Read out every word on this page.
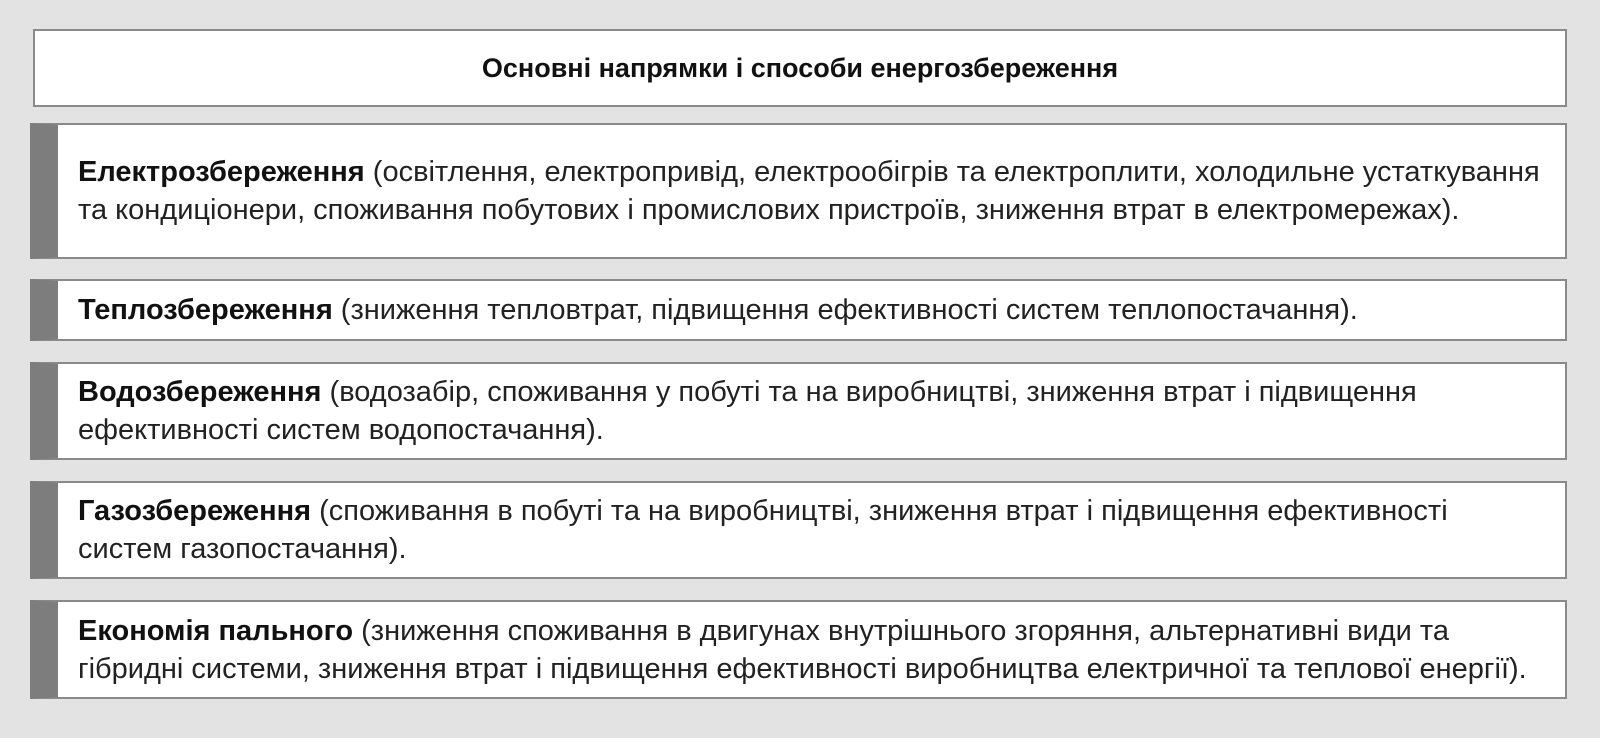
Основні напрямки і способи енергозбереження
Електрозбереження (освітлення, електропривід, електрообігрів та електроплити, холодильне устаткування та кондиціонери, споживання побутових і промислових пристроїв, зниження втрат в електромережах).
Теплозбереження (зниження тепловтрат, підвищення ефективності систем теплопостачання).
Водозбереження (водозабір, споживання у побуті та на виробництві, зниження втрат і підвищення ефективності систем водопостачання).
Газозбереження (споживання в побуті та на виробництві, зниження втрат і підвищення ефективності систем газопостачання).
Економія пального (зниження споживання в двигунах внутрішнього згоряння, альтернативні види та гібридні системи, зниження втрат і підвищення ефективності виробництва електричної та теплової енергії).
